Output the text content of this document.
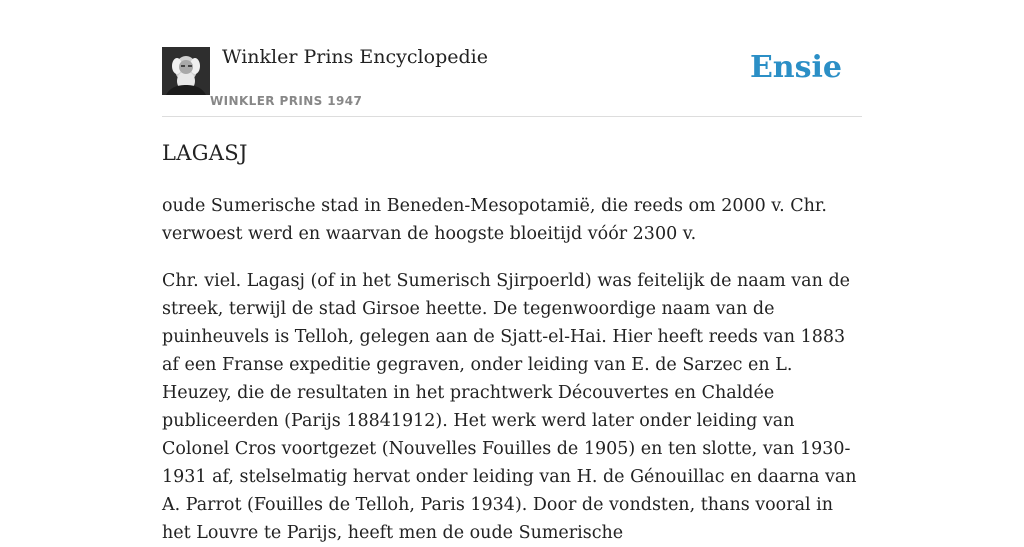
Winkler Prins Encyclopedie
WINKLER PRINS 1947
Ensie
LAGASJ

oude Sumerische stad in Beneden-Mesopotamië, die reeds om 2000 v. Chr. verwoest werd en waarvan de hoogste bloeitijd vóór 2300 v.

Chr. viel. Lagasj (of in het Sumerisch Sjirpoerld) was feitelijk de naam van de streek, terwijl de stad Girsoe heette. De tegenwoordige naam van de puinheuvels is Telloh, gelegen aan de Sjatt-el-Hai. Hier heeft reeds van 1883 af een Franse expeditie gegraven, onder leiding van E. de Sarzec en L. Heuzey, die de resultaten in het prachtwerk Découvertes en Chaldée publiceerden (Parijs 18841912). Het werk werd later onder leiding van Colonel Cros voortgezet (Nouvelles Fouilles de 1905) en ten slotte, van 1930-1931 af, stelselmatig hervat onder leiding van H. de Génouillac en daarna van A. Parrot (Fouilles de Telloh, Paris 1934). Door de vondsten, thans vooral in het Louvre te Parijs, heeft men de oude Sumerische
